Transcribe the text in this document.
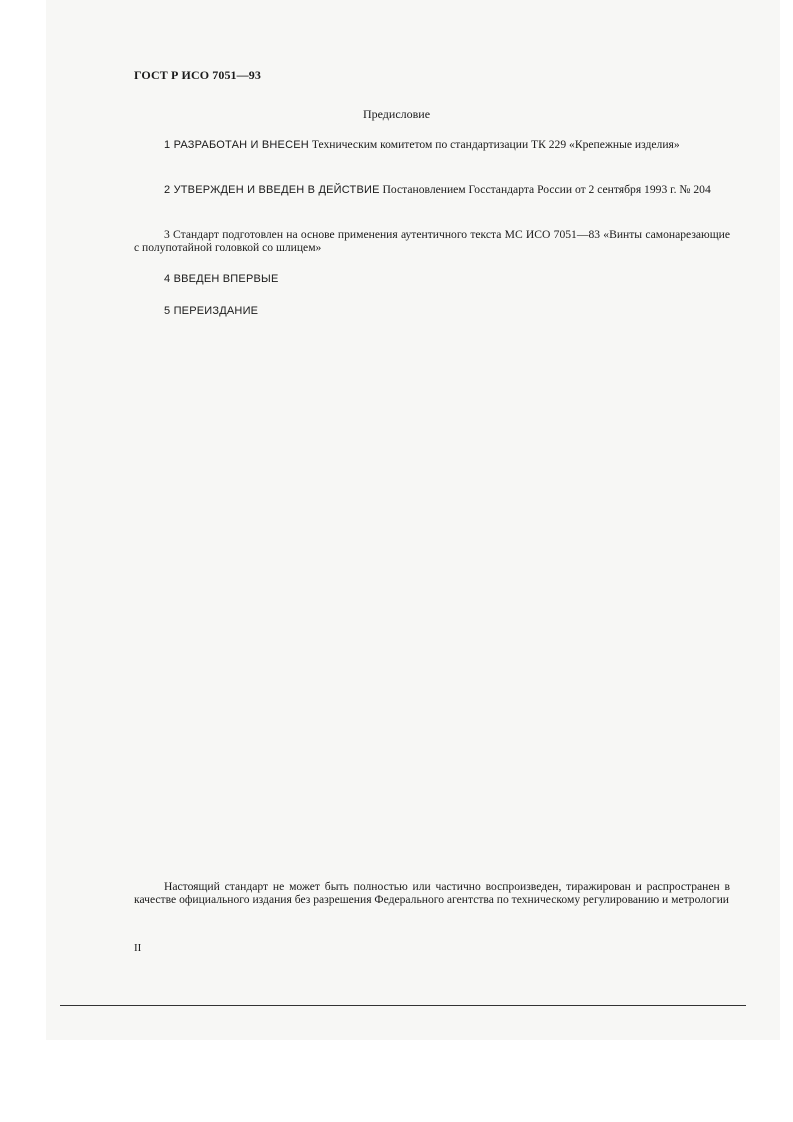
ГОСТ Р ИСО 7051—93
Предисловие
1 РАЗРАБОТАН И ВНЕСЕН Техническим комитетом по стандартизации ТК 229 «Крепежные изделия»
2 УТВЕРЖДЕН И ВВЕДЕН В ДЕЙСТВИЕ Постановлением Госстандарта России от 2 сентября 1993 г. № 204
3 Стандарт подготовлен на основе применения аутентичного текста МС ИСО 7051—83 «Винты самонарезающие с полупотайной головкой со шлицем»
4 ВВЕДЕН ВПЕРВЫЕ
5 ПЕРЕИЗДАНИЕ
Настоящий стандарт не может быть полностью или частично воспроизведен, тиражирован и распространен в качестве официального издания без разрешения Федерального агентства по техническому регулированию и метрологии
II
